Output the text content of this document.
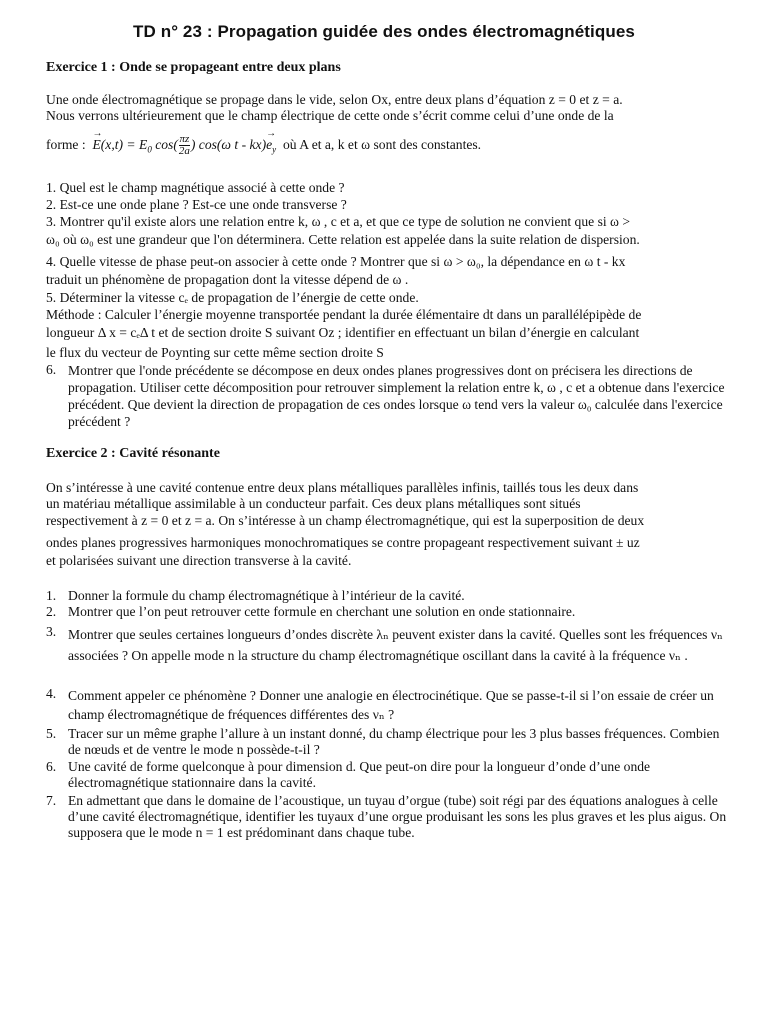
TD n° 23 : Propagation guidée des ondes électromagnétiques
Exercice 1 : Onde se propageant entre deux plans
Une onde électromagnétique se propage dans le vide, selon Ox, entre deux plans d’équation z = 0 et z = a.
Nous verrons ultérieurement que le champ électrique de cette onde s’écrit comme celui d’une onde de la
forme :  → $E(x,t) = E_0$ $\cos( \frac{\pi z}{2a}$ ) cos(ω $t - kx)\to e_y$ où A et a, k et ω sont des constantes.
1. Quel est le champ magnétique associé à cette onde ?
2. Est-ce une onde plane ? Est-ce une onde transverse ?
3. Montrer qu'il existe alors une relation entre k, ω , c et a, et que ce type de solution ne convient que si ω >
ω₀ où ω₀ est une grandeur que l'on déterminera. Cette relation est appelée dans la suite relation de dispersion.
4. Quelle vitesse de phase peut-on associer à cette onde ? Montrer que si ω > ω₀, la dépendance en ω t - kx
traduit un phénomène de propagation dont la vitesse dépend de ω .
5. Déterminer la vitesse cₑ de propagation de l’énergie de cette onde.
Méthode : Calculer l’énergie moyenne transportée pendant la durée élémentaire dt dans un parallélépipède de
longueur Δ x = cₑΔ t et de section droite S suivant Oz ; identifier en effectuant un bilan d’énergie en calculant
le flux du vecteur de Poynting sur cette même section droite S
6. Montrer que l'onde précédente se décompose en deux ondes planes progressives dont on précisera les directions de propagation. Utiliser cette décomposition pour retrouver simplement la relation entre k, ω , c et a obtenue dans l'exercice précédent. Que devient la direction de propagation de ces ondes lorsque ω tend vers la valeur ω₀ calculée dans l'exercice précédent ?
Exercice 2 : Cavité résonante
On s’intéresse à une cavité contenue entre deux plans métalliques parallèles infinis, taillés tous les deux dans
un matériau métallique assimilable à un conducteur parfait. Ces deux plans métalliques sont situés
respectivement à z = 0 et z = a. On s’intéresse à un champ électromagnétique, qui est la superposition de deux
ondes planes progressives harmoniques monochromatiques se contre propageant respectivement suivant ± uz
et polarisées suivant une direction transverse à la cavité.
1. Donner la formule du champ électromagnétique à l’intérieur de la cavité.
2. Montrer que l’on peut retrouver cette formule en cherchant une solution en onde stationnaire.
3. Montrer que seules certaines longueurs d’ondes discrète λₙ peuvent exister dans la cavité. Quelles sont les fréquences νₙ associées ? On appelle mode n la structure du champ électromagnétique oscillant dans la cavité à la fréquence νₙ .
4. Comment appeler ce phénomène ? Donner une analogie en électrocinétique. Que se passe-t-il si l’on essaie de créer un champ électromagnétique de fréquences différentes des νₙ ?
5. Tracer sur un même graphe l’allure à un instant donné, du champ électrique pour les 3 plus basses fréquences. Combien de nœuds et de ventre le mode n possède-t-il ?
6. Une cavité de forme quelconque à pour dimension d. Que peut-on dire pour la longueur d’onde d’une onde électromagnétique stationnaire dans la cavité.
7. En admettant que dans le domaine de l’acoustique, un tuyau d’orgue (tube) soit régi par des équations analogues à celle d’une cavité électromagnétique, identifier les tuyaux d’une orgue produisant les sons les plus graves et les plus aigus. On supposera que le mode n = 1 est prédominant dans chaque tube.
